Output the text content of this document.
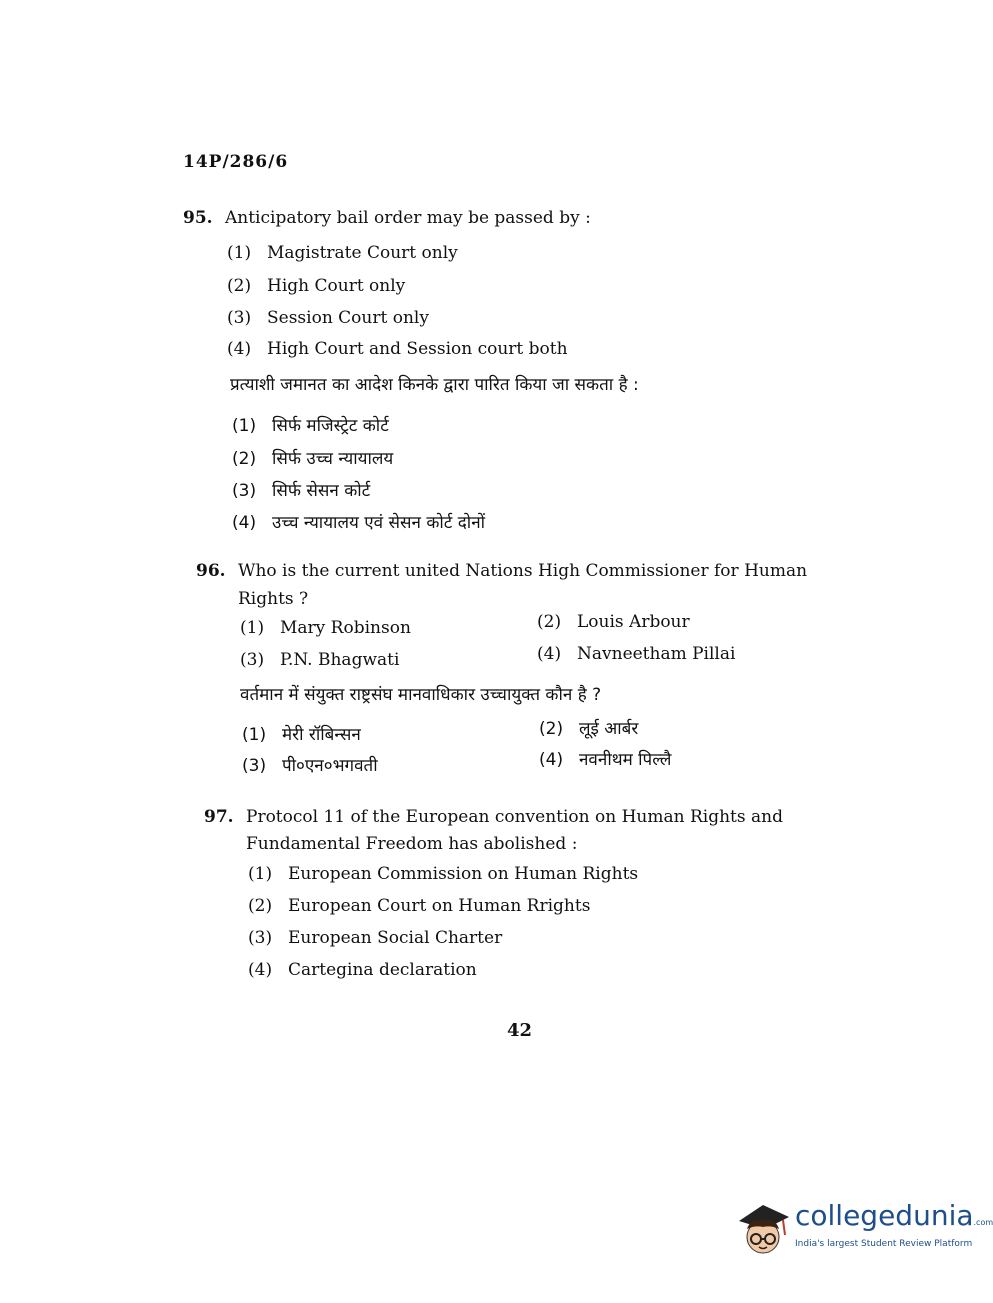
14P/286/6
95. Anticipatory bail order may be passed by :
(1) Magistrate Court only
(2) High Court only
(3) Session Court only
(4) High Court and Session court both
प्रत्याशी जमानत का आदेश किनके द्वारा पारित किया जा सकता है :
(1) सिर्फ मजिस्ट्रेट कोर्ट
(2) सिर्फ उच्च न्यायालय
(3) सिर्फ सेसन कोर्ट
(4) उच्च न्यायालय एवं सेसन कोर्ट दोनों
96. Who is the current united Nations High Commissioner for Human
Rights ?
(1) Mary Robinson	(2) Louis Arbour
(3) P.N. Bhagwati	(4) Navneetham Pillai
वर्तमान में संयुक्त राष्ट्रसंघ मानवाधिकार उच्चायुक्त कौन है ?
(1) मेरी रॉबिन्सन	(2) लूई आर्बर
(3) पी०एन०भगवती	(4) नवनीथम पिल्लै
97. Protocol 11 of the European convention on Human Rights and
Fundamental Freedom has abolished :
(1) European Commission on Human Rights
(2) European Court on Human Rrights
(3) European Social Charter
(4) Cartegina declaration
42
collegedunia.com
India's largest Student Review Platform
